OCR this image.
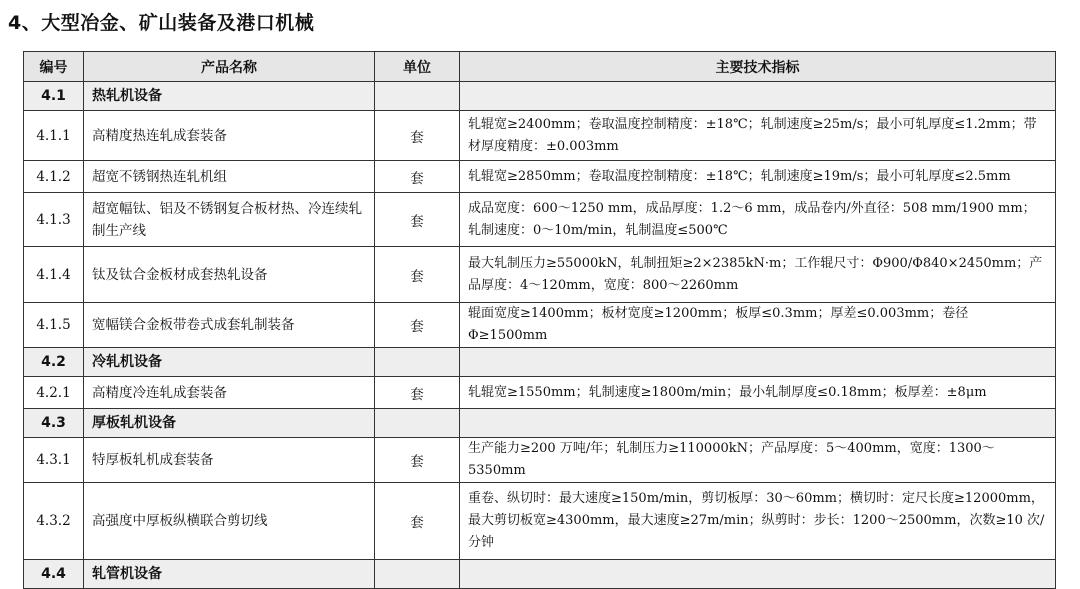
4、大型冶金、矿山装备及港口机械
编号	产品名称	单位	主要技术指标
4.1	热轧机设备		
4.1.1	高精度热连轧成套装备	套	轧辊宽≥2400mm；卷取温度控制精度：±18℃；轧制速度≥25m/s；最小可轧厚度≤1.2mm；带材厚度精度：±0.003mm
4.1.2	超宽不锈钢热连轧机组	套	轧辊宽≥2850mm；卷取温度控制精度：±18℃；轧制速度≥19m/s；最小可轧厚度≤2.5mm
4.1.3	超宽幅钛、铝及不锈钢复合板材热、冷连续轧制生产线	套	成品宽度：600～1250 mm，成品厚度：1.2～6 mm，成品卷内/外直径：508 mm/1900 mm；轧制速度：0～10m/min，轧制温度≤500℃
4.1.4	钛及钛合金板材成套热轧设备	套	最大轧制压力≥55000kN，轧制扭矩≥2×2385kN·m；工作辊尺寸：Φ900/Φ840×2450mm；产品厚度：4～120mm，宽度：800～2260mm
4.1.5	宽幅镁合金板带卷式成套轧制装备	套	辊面宽度≥1400mm；板材宽度≥1200mm；板厚≤0.3mm；厚差≤0.003mm；卷径Φ≥1500mm
4.2	冷轧机设备		
4.2.1	高精度冷连轧成套装备	套	轧辊宽≥1550mm；轧制速度≥1800m/min；最小轧制厚度≤0.18mm；板厚差：±8μm
4.3	厚板轧机设备		
4.3.1	特厚板轧机成套装备	套	生产能力≥200 万吨/年；轧制压力≥110000kN；产品厚度：5～400mm，宽度：1300～5350mm
4.3.2	高强度中厚板纵横联合剪切线	套	重卷、纵切时：最大速度≥150m/min，剪切板厚：30～60mm；横切时：定尺长度≥12000mm，最大剪切板宽≥4300mm，最大速度≥27m/min；纵剪时：步长：1200～2500mm，次数≥10 次/分钟
4.4	轧管机设备		
